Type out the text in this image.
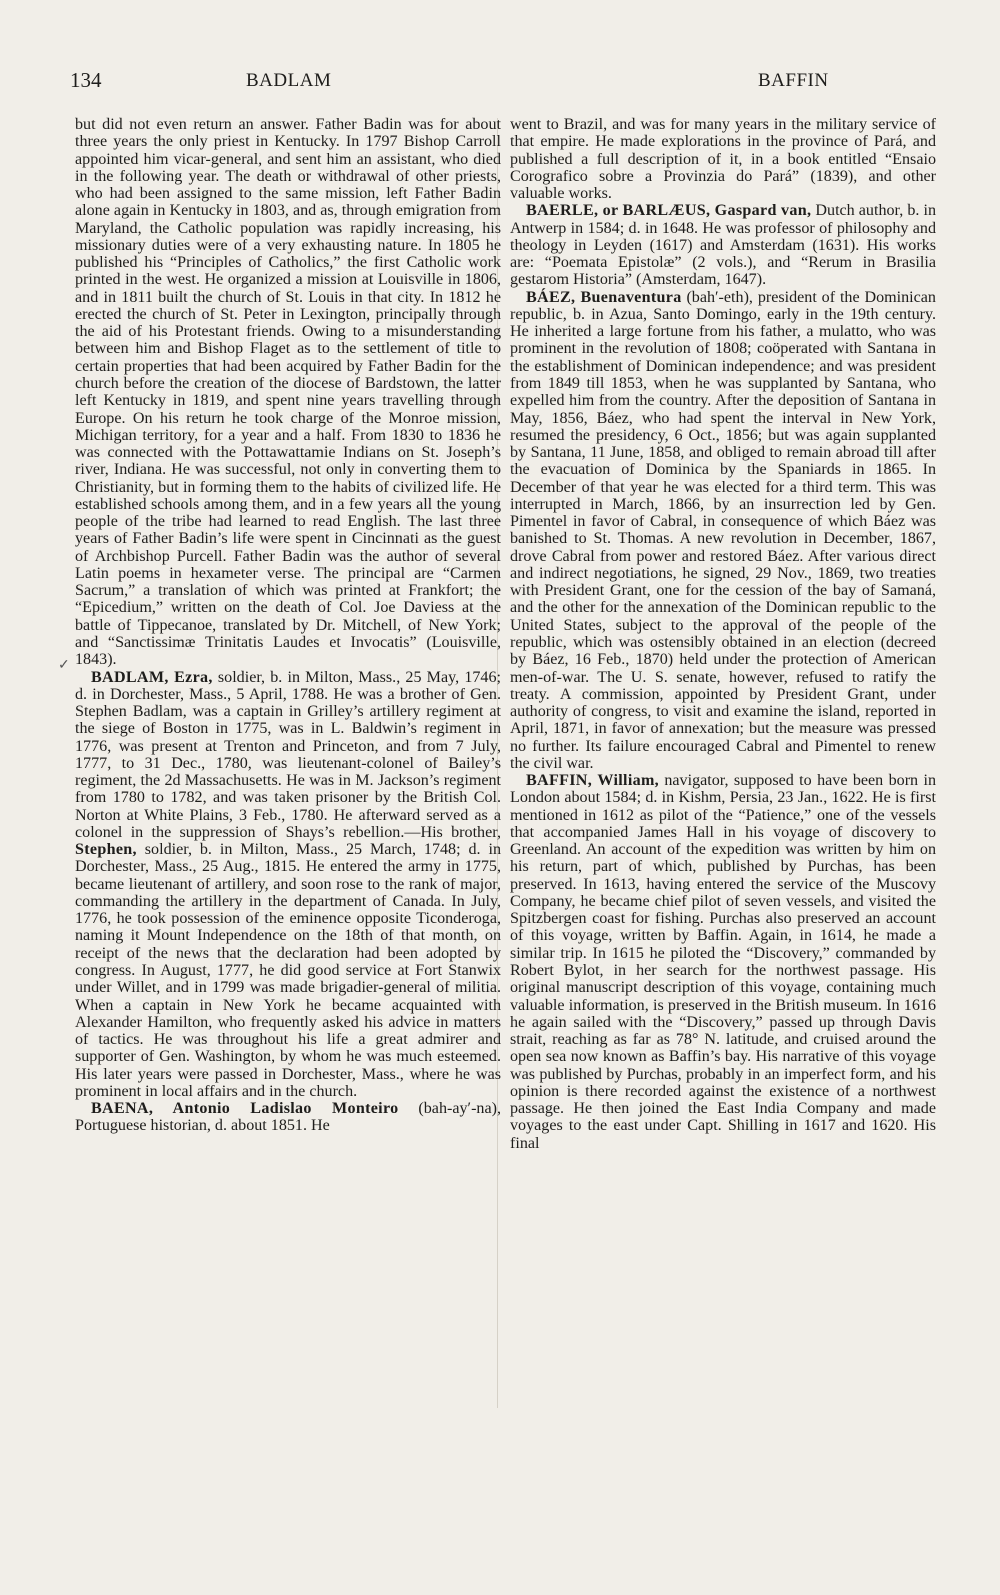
134	BADLAM	BAFFIN
✓

but did not even return an answer. Father Badin was for about three years the only priest in Kentucky. In 1797 Bishop Carroll appointed him vicar-general, and sent him an assistant, who died in the following year. The death or withdrawal of other priests, who had been assigned to the same mission, left Father Badin alone again in Kentucky in 1803, and as, through emigration from Maryland, the Catholic population was rapidly increasing, his missionary duties were of a very exhausting nature. In 1805 he published his “Principles of Catholics,” the first Catholic work printed in the west. He organized a mission at Louisville in 1806, and in 1811 built the church of St. Louis in that city. In 1812 he erected the church of St. Peter in Lexington, principally through the aid of his Protestant friends. Owing to a misunderstanding between him and Bishop Flaget as to the settlement of title to certain properties that had been acquired by Father Badin for the church before the creation of the diocese of Bardstown, the latter left Kentucky in 1819, and spent nine years travelling through Europe. On his return he took charge of the Monroe mission, Michigan territory, for a year and a half. From 1830 to 1836 he was connected with the Pottawattamie Indians on St. Joseph’s river, Indiana. He was successful, not only in converting them to Christianity, but in forming them to the habits of civilized life. He established schools among them, and in a few years all the young people of the tribe had learned to read English. The last three years of Father Badin’s life were spent in Cincinnati as the guest of Archbishop Purcell. Father Badin was the author of several Latin poems in hexameter verse. The principal are “Carmen Sacrum,” a translation of which was printed at Frankfort; the “Epicedium,” written on the death of Col. Joe Daviess at the battle of Tippecanoe, translated by Dr. Mitchell, of New York; and “Sanctissimæ Trinitatis Laudes et Invocatis” (Louisville, 1843).

BADLAM, Ezra, soldier, b. in Milton, Mass., 25 May, 1746; d. in Dorchester, Mass., 5 April, 1788. He was a brother of Gen. Stephen Badlam, was a captain in Grilley’s artillery regiment at the siege of Boston in 1775, was in L. Baldwin’s regiment in 1776, was present at Trenton and Princeton, and from 7 July, 1777, to 31 Dec., 1780, was lieutenant-colonel of Bailey’s regiment, the 2d Massachusetts. He was in M. Jackson’s regiment from 1780 to 1782, and was taken prisoner by the British Col. Norton at White Plains, 3 Feb., 1780. He afterward served as a colonel in the suppression of Shays’s rebellion.—His brother, Stephen, soldier, b. in Milton, Mass., 25 March, 1748; d. in Dorchester, Mass., 25 Aug., 1815. He entered the army in 1775, became lieutenant of artillery, and soon rose to the rank of major, commanding the artillery in the department of Canada. In July, 1776, he took possession of the eminence opposite Ticonderoga, naming it Mount Independence on the 18th of that month, on receipt of the news that the declaration had been adopted by congress. In August, 1777, he did good service at Fort Stanwix under Willet, and in 1799 was made brigadier-general of militia. When a captain in New York he became acquainted with Alexander Hamilton, who frequently asked his advice in matters of tactics. He was throughout his life a great admirer and supporter of Gen. Washington, by whom he was much esteemed. His later years were passed in Dorchester, Mass., where he was prominent in local affairs and in the church.

BAENA, Antonio Ladislao Monteiro (bah-ay′-na), Portuguese historian, d. about 1851. He

went to Brazil, and was for many years in the military service of that empire. He made explorations in the province of Pará, and published a full description of it, in a book entitled “Ensaio Corografico sobre a Provinzia do Pará” (1839), and other valuable works.

BAERLE, or BARLÆUS, Gaspard van, Dutch author, b. in Antwerp in 1584; d. in 1648. He was professor of philosophy and theology in Leyden (1617) and Amsterdam (1631). His works are: “Poemata Epistolæ” (2 vols.), and “Rerum in Brasilia gestarom Historia” (Amsterdam, 1647).

BÁEZ, Buenaventura (bah′-eth), president of the Dominican republic, b. in Azua, Santo Domingo, early in the 19th century. He inherited a large fortune from his father, a mulatto, who was prominent in the revolution of 1808; coöperated with Santana in the establishment of Dominican independence; and was president from 1849 till 1853, when he was supplanted by Santana, who expelled him from the country. After the deposition of Santana in May, 1856, Báez, who had spent the interval in New York, resumed the presidency, 6 Oct., 1856; but was again supplanted by Santana, 11 June, 1858, and obliged to remain abroad till after the evacuation of Dominica by the Spaniards in 1865. In December of that year he was elected for a third term. This was interrupted in March, 1866, by an insurrection led by Gen. Pimentel in favor of Cabral, in consequence of which Báez was banished to St. Thomas. A new revolution in December, 1867, drove Cabral from power and restored Báez. After various direct and indirect negotiations, he signed, 29 Nov., 1869, two treaties with President Grant, one for the cession of the bay of Samaná, and the other for the annexation of the Dominican republic to the United States, subject to the approval of the people of the republic, which was ostensibly obtained in an election (decreed by Báez, 16 Feb., 1870) held under the protection of American men-of-war. The U. S. senate, however, refused to ratify the treaty. A commission, appointed by President Grant, under authority of congress, to visit and examine the island, reported in April, 1871, in favor of annexation; but the measure was pressed no further. Its failure encouraged Cabral and Pimentel to renew the civil war.

BAFFIN, William, navigator, supposed to have been born in London about 1584; d. in Kishm, Persia, 23 Jan., 1622. He is first mentioned in 1612 as pilot of the “Patience,” one of the vessels that accompanied James Hall in his voyage of discovery to Greenland. An account of the expedition was written by him on his return, part of which, published by Purchas, has been preserved. In 1613, having entered the service of the Muscovy Company, he became chief pilot of seven vessels, and visited the Spitzbergen coast for fishing. Purchas also preserved an account of this voyage, written by Baffin. Again, in 1614, he made a similar trip. In 1615 he piloted the “Discovery,” commanded by Robert Bylot, in her search for the northwest passage. His original manuscript description of this voyage, containing much valuable information, is preserved in the British museum. In 1616 he again sailed with the “Discovery,” passed up through Davis strait, reaching as far as 78° N. latitude, and cruised around the open sea now known as Baffin’s bay. His narrative of this voyage was published by Purchas, probably in an imperfect form, and his opinion is there recorded against the existence of a northwest passage. He then joined the East India Company and made voyages to the east under Capt. Shilling in 1617 and 1620. His final
